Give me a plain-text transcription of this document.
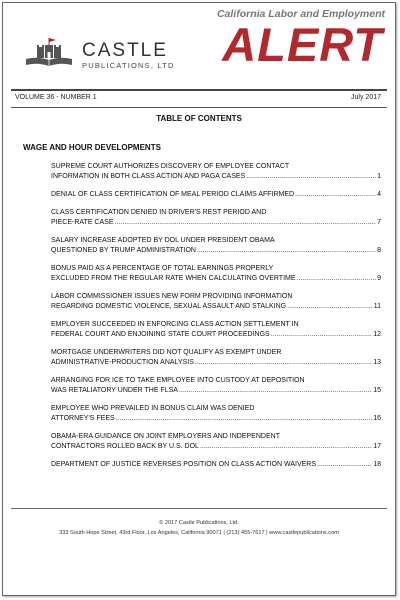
CASTLE
PUBLICATIONS, LTD
California Labor and Employment
ALERT
VOLUME 36 - NUMBER 1	July 2017
TABLE OF CONTENTS
WAGE AND HOUR DEVELOPMENTS
SUPREME COURT AUTHORIZES DISCOVERY OF EMPLOYEE CONTACT
INFORMATION IN BOTH CLASS ACTION AND PAGA CASES .....	1
DENIAL OF CLASS CERTIFICATION OF MEAL PERIOD CLAIMS AFFIRMED .....	4
CLASS CERTIFICATION DENIED IN DRIVER'S REST PERIOD AND
PIECE-RATE CASE .....	7
SALARY INCREASE ADOPTED BY DOL UNDER PRESIDENT OBAMA
QUESTIONED BY TRUMP ADMINISTRATION .....	8
BONUS PAID AS A PERCENTAGE OF TOTAL EARNINGS PROPERLY
EXCLUDED FROM THE REGULAR RATE WHEN CALCULATING OVERTIME .....	9
LABOR COMMISSIONER ISSUES NEW FORM PROVIDING INFORMATION
REGARDING DOMESTIC VIOLENCE, SEXUAL ASSAULT AND STALKING .....	11
EMPLOYER SUCCEEDED IN ENFORCING CLASS ACTION SETTLEMENT IN
FEDERAL COURT AND ENJOINING STATE COURT PROCEEDINGS .....	12
MORTGAGE UNDERWRITERS DID NOT QUALIFY AS EXEMPT UNDER
ADMINISTRATIVE-PRODUCTION ANALYSIS .....	13
ARRANGING FOR ICE TO TAKE EMPLOYEE INTO CUSTODY AT DEPOSITION
WAS RETALIATORY UNDER THE FLSA .....	15
EMPLOYEE WHO PREVAILED IN BONUS CLAIM WAS DENIED
ATTORNEY'S FEES .....	16
OBAMA-ERA GUIDANCE ON JOINT EMPLOYERS AND INDEPENDENT
CONTRACTORS ROLLED BACK BY U.S. DOL .....	17
DEPARTMENT OF JUSTICE REVERSES POSITION ON CLASS ACTION WAIVERS .....	18
© 2017 Castle Publications, Ltd.
333 South Hope Street, 43rd Floor, Los Angeles, California 90071 | (213) 455-7617 | www.castlepublications.com
